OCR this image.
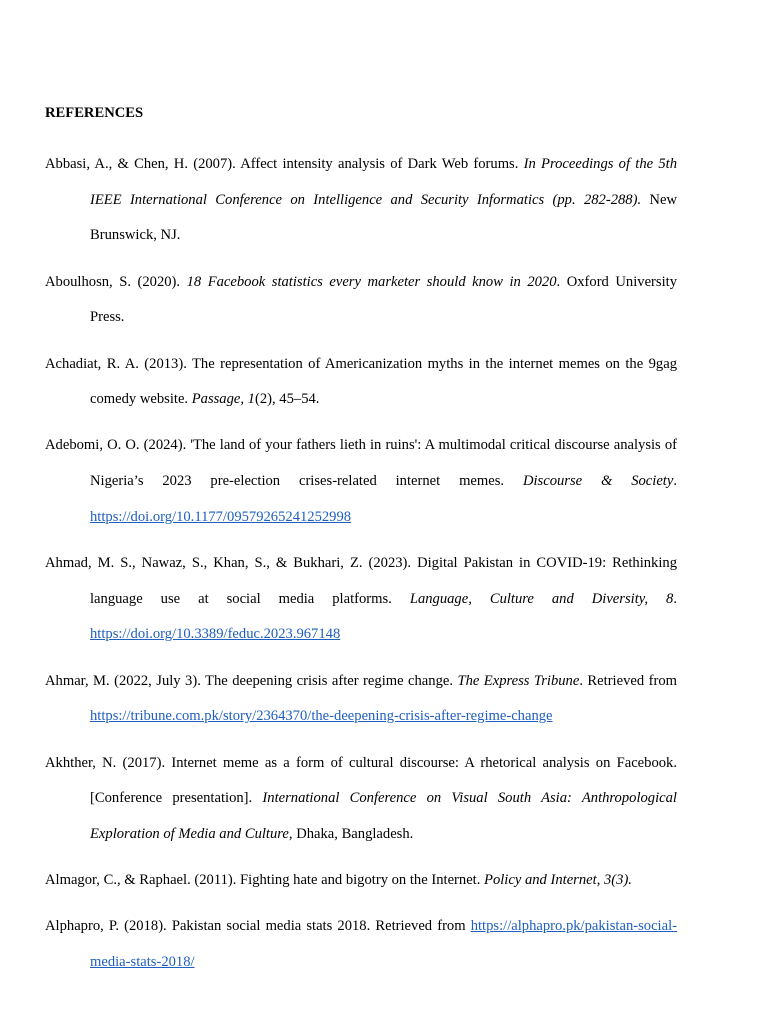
REFERENCES
Abbasi, A., & Chen, H. (2007). Affect intensity analysis of Dark Web forums. In Proceedings of the 5th IEEE International Conference on Intelligence and Security Informatics (pp. 282-288). New Brunswick, NJ.
Aboulhosn, S. (2020). 18 Facebook statistics every marketer should know in 2020. Oxford University Press.
Achadiat, R. A. (2013). The representation of Americanization myths in the internet memes on the 9gag comedy website. Passage, 1(2), 45–54.
Adebomi, O. O. (2024). 'The land of your fathers lieth in ruins': A multimodal critical discourse analysis of Nigeria’s 2023 pre-election crises-related internet memes. Discourse & Society. https://doi.org/10.1177/09579265241252998
Ahmad, M. S., Nawaz, S., Khan, S., & Bukhari, Z. (2023). Digital Pakistan in COVID-19: Rethinking language use at social media platforms. Language, Culture and Diversity, 8. https://doi.org/10.3389/feduc.2023.967148
Ahmar, M. (2022, July 3). The deepening crisis after regime change. The Express Tribune. Retrieved from https://tribune.com.pk/story/2364370/the-deepening-crisis-after-regime-change
Akhther, N. (2017). Internet meme as a form of cultural discourse: A rhetorical analysis on Facebook. [Conference presentation]. International Conference on Visual South Asia: Anthropological Exploration of Media and Culture, Dhaka, Bangladesh.
Almagor, C., & Raphael. (2011). Fighting hate and bigotry on the Internet. Policy and Internet, 3(3).
Alphapro, P. (2018). Pakistan social media stats 2018. Retrieved from https://alphapro.pk/pakistan-social-media-stats-2018/
